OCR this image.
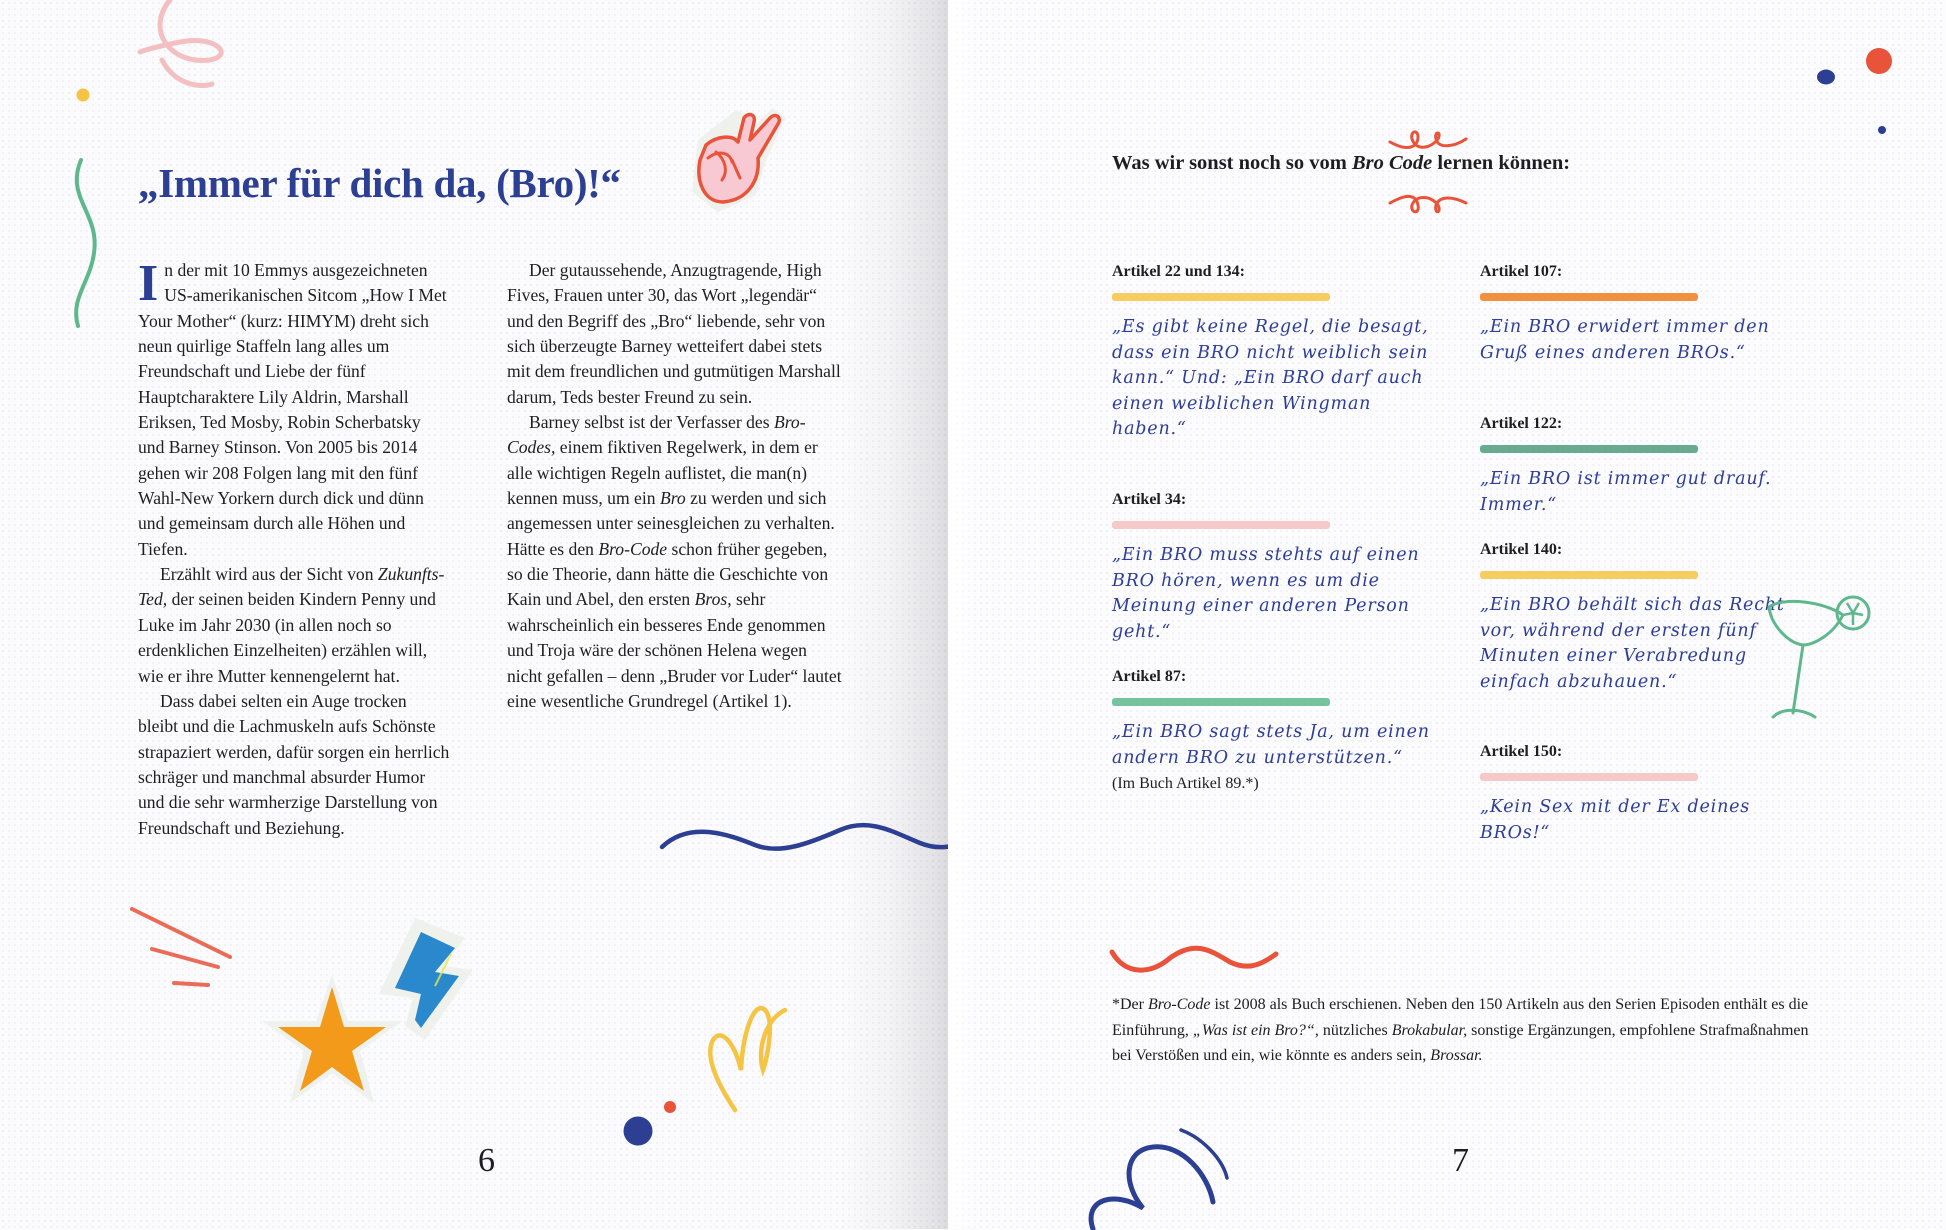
„Immer für dich da, (Bro)!“

In der mit 10 Emmys ausgezeichneten US-amerikanischen Sitcom „How I Met Your Mother“ (kurz: HIMYM) dreht sich neun quirlige Staffeln lang alles um Freundschaft und Liebe der fünf Hauptcharaktere Lily Aldrin, Marshall Eriksen, Ted Mosby, Robin Scherbatsky und Barney Stinson. Von 2005 bis 2014 gehen wir 208 Folgen lang mit den fünf Wahl-New Yorkern durch dick und dünn und gemeinsam durch alle Höhen und Tiefen.

Erzählt wird aus der Sicht von Zukunfts-Ted, der seinen beiden Kindern Penny und Luke im Jahr 2030 (in allen noch so erdenklichen Einzelheiten) erzählen will, wie er ihre Mutter kennengelernt hat.

Dass dabei selten ein Auge trocken bleibt und die Lachmuskeln aufs Schönste strapaziert werden, dafür sorgen ein herrlich schräger und manchmal absurder Humor und die sehr warmherzige Darstellung von Freundschaft und Beziehung.

Der gutaussehende, Anzugtragende, High Fives, Frauen unter 30, das Wort „legendär“ und den Begriff des „Bro“ liebende, sehr von sich überzeugte Barney wetteifert dabei stets mit dem freundlichen und gutmütigen Marshall darum, Teds bester Freund zu sein.

Barney selbst ist der Verfasser des Bro-Codes, einem fiktiven Regelwerk, in dem er alle wichtigen Regeln auflistet, die man(n) kennen muss, um ein Bro zu werden und sich angemessen unter seinesgleichen zu verhalten. Hätte es den Bro-Code schon früher gegeben, so die Theorie, dann hätte die Geschichte von Kain und Abel, den ersten Bros, sehr wahrscheinlich ein besseres Ende genommen und Troja wäre der schönen Helena wegen nicht gefallen – denn „Bruder vor Luder“ lautet eine wesentliche Grundregel (Artikel 1).

6
Was wir sonst noch so vom Bro Code lernen können:
Artikel 22 und 134:

„Es gibt keine Regel, die besagt, dass ein BRO nicht weiblich sein kann.“ Und: „Ein BRO darf auch einen weiblichen Wingman haben.“

Artikel 34:

„Ein BRO muss stehts auf einen BRO hören, wenn es um die Meinung einer anderen Person geht.“

Artikel 87:

„Ein BRO sagt stets Ja, um einen andern BRO zu unterstützen.“

(Im Buch Artikel 89.*)
Artikel 107:

„Ein BRO erwidert immer den Gruß eines anderen BROs.“

Artikel 122:

„Ein BRO ist immer gut drauf. Immer.“

Artikel 140:

„Ein BRO behält sich das Recht vor, während der ersten fünf Minuten einer Verabredung einfach abzuhauen.“

Artikel 150:

„Kein Sex mit der Ex deines BROs!“

*Der Bro-Code ist 2008 als Buch erschienen. Neben den 150 Artikeln aus den Serien Episoden enthält es die Einführung, „Was ist ein Bro?“, nützliches Brokabular, sonstige Ergänzungen, empfohlene Strafmaßnahmen bei Verstößen und ein, wie könnte es anders sein, Brossar.
7
